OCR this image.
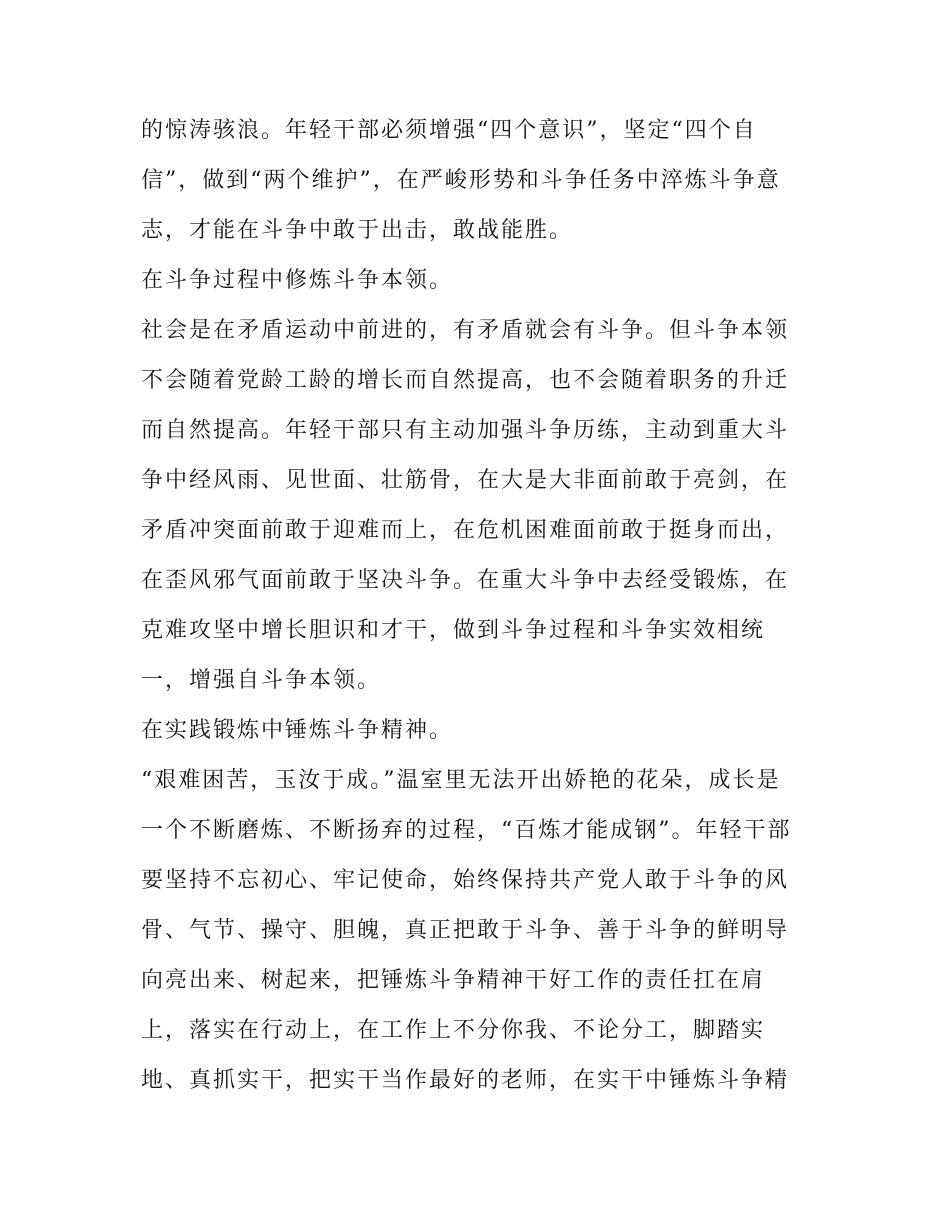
的惊涛骇浪。年轻干部必须增强“四个意识”，坚定“四个自

信”，做到“两个维护”，在严峻形势和斗争任务中淬炼斗争意

志，才能在斗争中敢于出击，敢战能胜。

在斗争过程中修炼斗争本领。

社会是在矛盾运动中前进的，有矛盾就会有斗争。但斗争本领

不会随着党龄工龄的增长而自然提高，也不会随着职务的升迁

而自然提高。年轻干部只有主动加强斗争历练，主动到重大斗

争中经风雨、见世面、壮筋骨，在大是大非面前敢于亮剑，在

矛盾冲突面前敢于迎难而上，在危机困难面前敢于挺身而出，

在歪风邪气面前敢于坚决斗争。在重大斗争中去经受锻炼，在

克难攻坚中增长胆识和才干，做到斗争过程和斗争实效相统

一，增强自斗争本领。

在实践锻炼中锤炼斗争精神。

“艰难困苦，玉汝于成。”温室里无法开出娇艳的花朵，成长是

一个不断磨炼、不断扬弃的过程，“百炼才能成钢”。年轻干部

要坚持不忘初心、牢记使命，始终保持共产党人敢于斗争的风

骨、气节、操守、胆魄，真正把敢于斗争、善于斗争的鲜明导

向亮出来、树起来，把锤炼斗争精神干好工作的责任扛在肩

上，落实在行动上，在工作上不分你我、不论分工，脚踏实

地、真抓实干，把实干当作最好的老师，在实干中锤炼斗争精
